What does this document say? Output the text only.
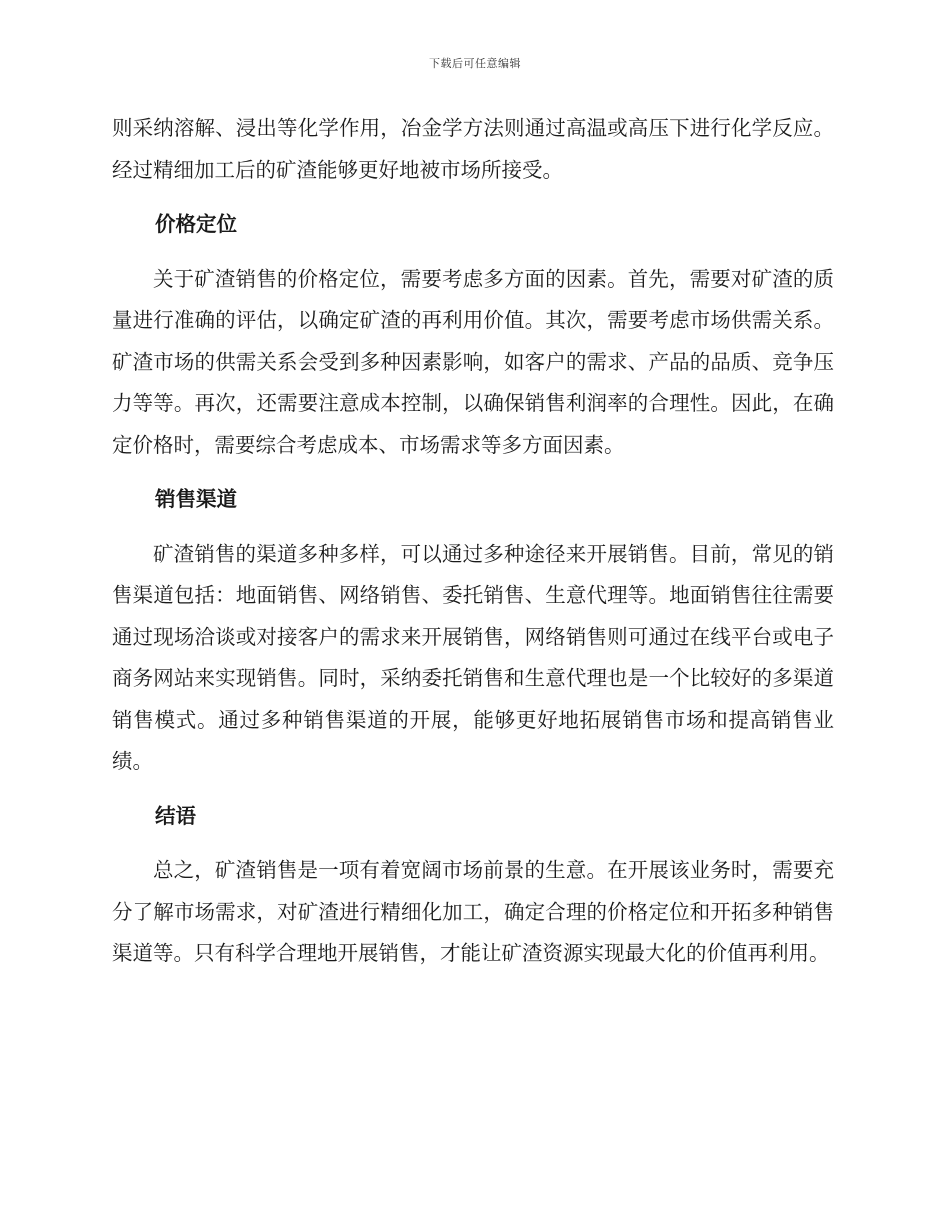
下载后可任意编辑

则采纳溶解、浸出等化学作用，冶金学方法则通过高温或高压下进行化学反应。经过精细加工后的矿渣能够更好地被市场所接受。

价格定位

关于矿渣销售的价格定位，需要考虑多方面的因素。首先，需要对矿渣的质量进行准确的评估，以确定矿渣的再利用价值。其次，需要考虑市场供需关系。矿渣市场的供需关系会受到多种因素影响，如客户的需求、产品的品质、竞争压力等等。再次，还需要注意成本控制，以确保销售利润率的合理性。因此，在确定价格时，需要综合考虑成本、市场需求等多方面因素。

销售渠道

矿渣销售的渠道多种多样，可以通过多种途径来开展销售。目前，常见的销售渠道包括：地面销售、网络销售、委托销售、生意代理等。地面销售往往需要通过现场洽谈或对接客户的需求来开展销售，网络销售则可通过在线平台或电子商务网站来实现销售。同时，采纳委托销售和生意代理也是一个比较好的多渠道销售模式。通过多种销售渠道的开展，能够更好地拓展销售市场和提高销售业绩。

结语

总之，矿渣销售是一项有着宽阔市场前景的生意。在开展该业务时，需要充分了解市场需求，对矿渣进行精细化加工，确定合理的价格定位和开拓多种销售渠道等。只有科学合理地开展销售，才能让矿渣资源实现最大化的价值再利用。
